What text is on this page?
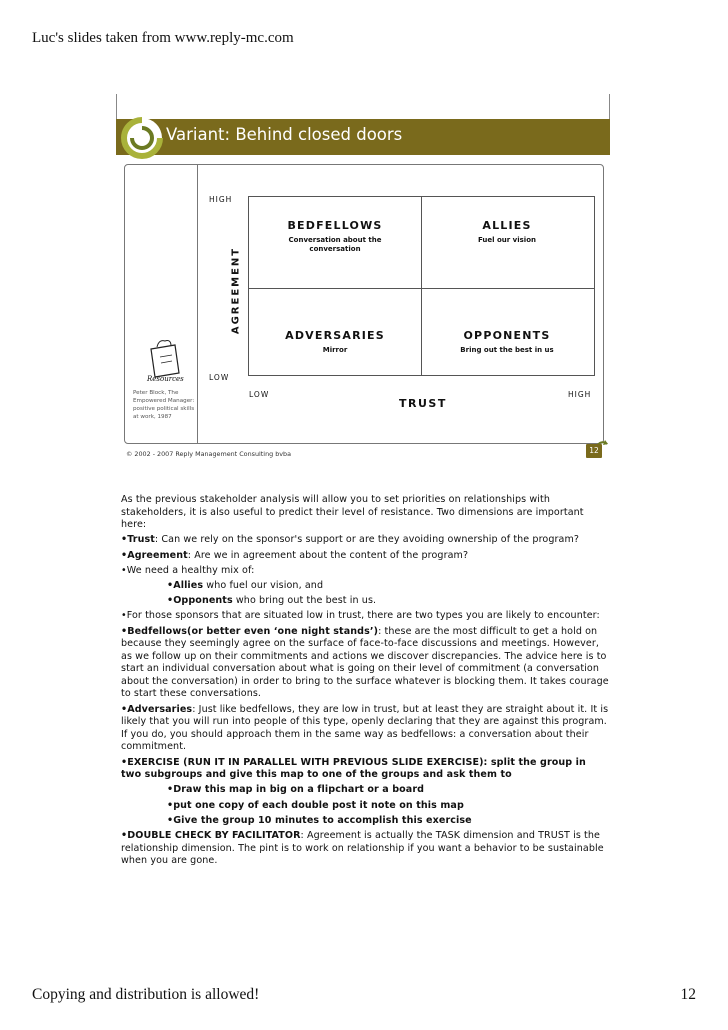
Luc's slides taken from www.reply-mc.com
Variant: Behind closed doors
Resources
Peter Block, The Empowered Manager: positive political skills at work, 1987
HIGH
AGREEMENT
LOW
BEDFELLOWS
Conversation about the conversation
ALLIES
Fuel our vision
ADVERSARIES
Mirror
OPPONENTS
Bring out the best in us
LOW
TRUST
HIGH
© 2002 - 2007 Reply Management Consulting bvba	12

As the previous stakeholder analysis will allow you to set priorities on relationships with stakeholders, it is also useful to predict their level of resistance. Two dimensions are important here:

•Trust: Can we rely on the sponsor's support or are they avoiding ownership of the program?

•Agreement: Are we in agreement about the content of the program?

•We need a healthy mix of:

•Allies who fuel our vision, and

•Opponents who bring out the best in us.

•For those sponsors that are situated low in trust, there are two types you are likely to encounter:

•Bedfellows(or better even ‘one night stands’): these are the most difficult to get a hold on because they seemingly agree on the surface of face-to-face discussions and meetings. However, as we follow up on their commitments and actions we discover discrepancies. The advice here is to start an individual conversation about what is going on their level of commitment (a conversation about the conversation) in order to bring to the surface whatever is blocking them. It takes courage to start these conversations.

•Adversaries: Just like bedfellows, they are low in trust, but at least they are straight about it. It is likely that you will run into people of this type, openly declaring that they are against this program. If you do, you should approach them in the same way as bedfellows: a conversation about their commitment.

•EXERCISE (RUN IT IN PARALLEL WITH PREVIOUS SLIDE EXERCISE): split the group in two subgroups and give this map to one of the groups and ask them to

•Draw this map in big on a flipchart or a board

•put one copy of each double post it note on this map

•Give the group 10 minutes to accomplish this exercise

•DOUBLE CHECK BY FACILITATOR: Agreement is actually the TASK dimension and TRUST is the relationship dimension. The pint is to work on relationship if you want a behavior to be sustainable when you are gone.

Copying and distribution is allowed!	12
